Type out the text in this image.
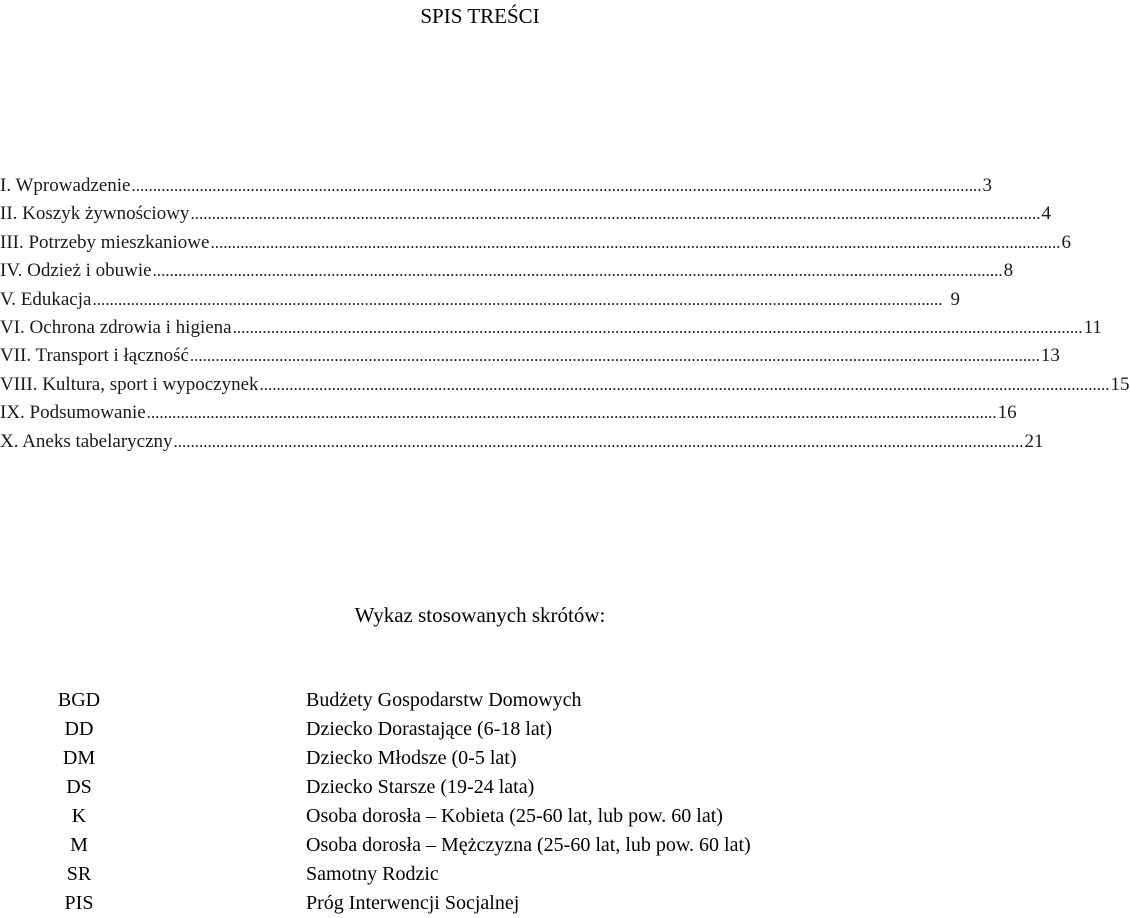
SPIS TREŚCI
I. Wprowadzenie ........................................................................................................................................................................................................ 3
II. Koszyk żywnościowy ........................................................................................................................................................................................................ 4
III. Potrzeby mieszkaniowe ........................................................................................................................................................................................................ 6
IV. Odzież i obuwie ........................................................................................................................................................................................................ 8
V. Edukacja ........................................................................................................................................................................................................ 9
VI. Ochrona zdrowia i higiena ........................................................................................................................................................................................................ 11
VII. Transport i łączność ........................................................................................................................................................................................................ 13
VIII. Kultura, sport i wypoczynek ........................................................................................................................................................................................................ 15
IX. Podsumowanie ........................................................................................................................................................................................................ 16
X. Aneks tabelaryczny ........................................................................................................................................................................................................ 21
Wykaz stosowanych skrótów:
BGD	Budżety Gospodarstw Domowych
DD	Dziecko Dorastające (6-18 lat)
DM	Dziecko Młodsze (0-5 lat)
DS	Dziecko Starsze (19-24 lata)
K	Osoba dorosła – Kobieta (25-60 lat, lub pow. 60 lat)
M	Osoba dorosła – Mężczyzna (25-60 lat, lub pow. 60 lat)
SR	Samotny Rodzic
PIS	Próg Interwencji Socjalnej
